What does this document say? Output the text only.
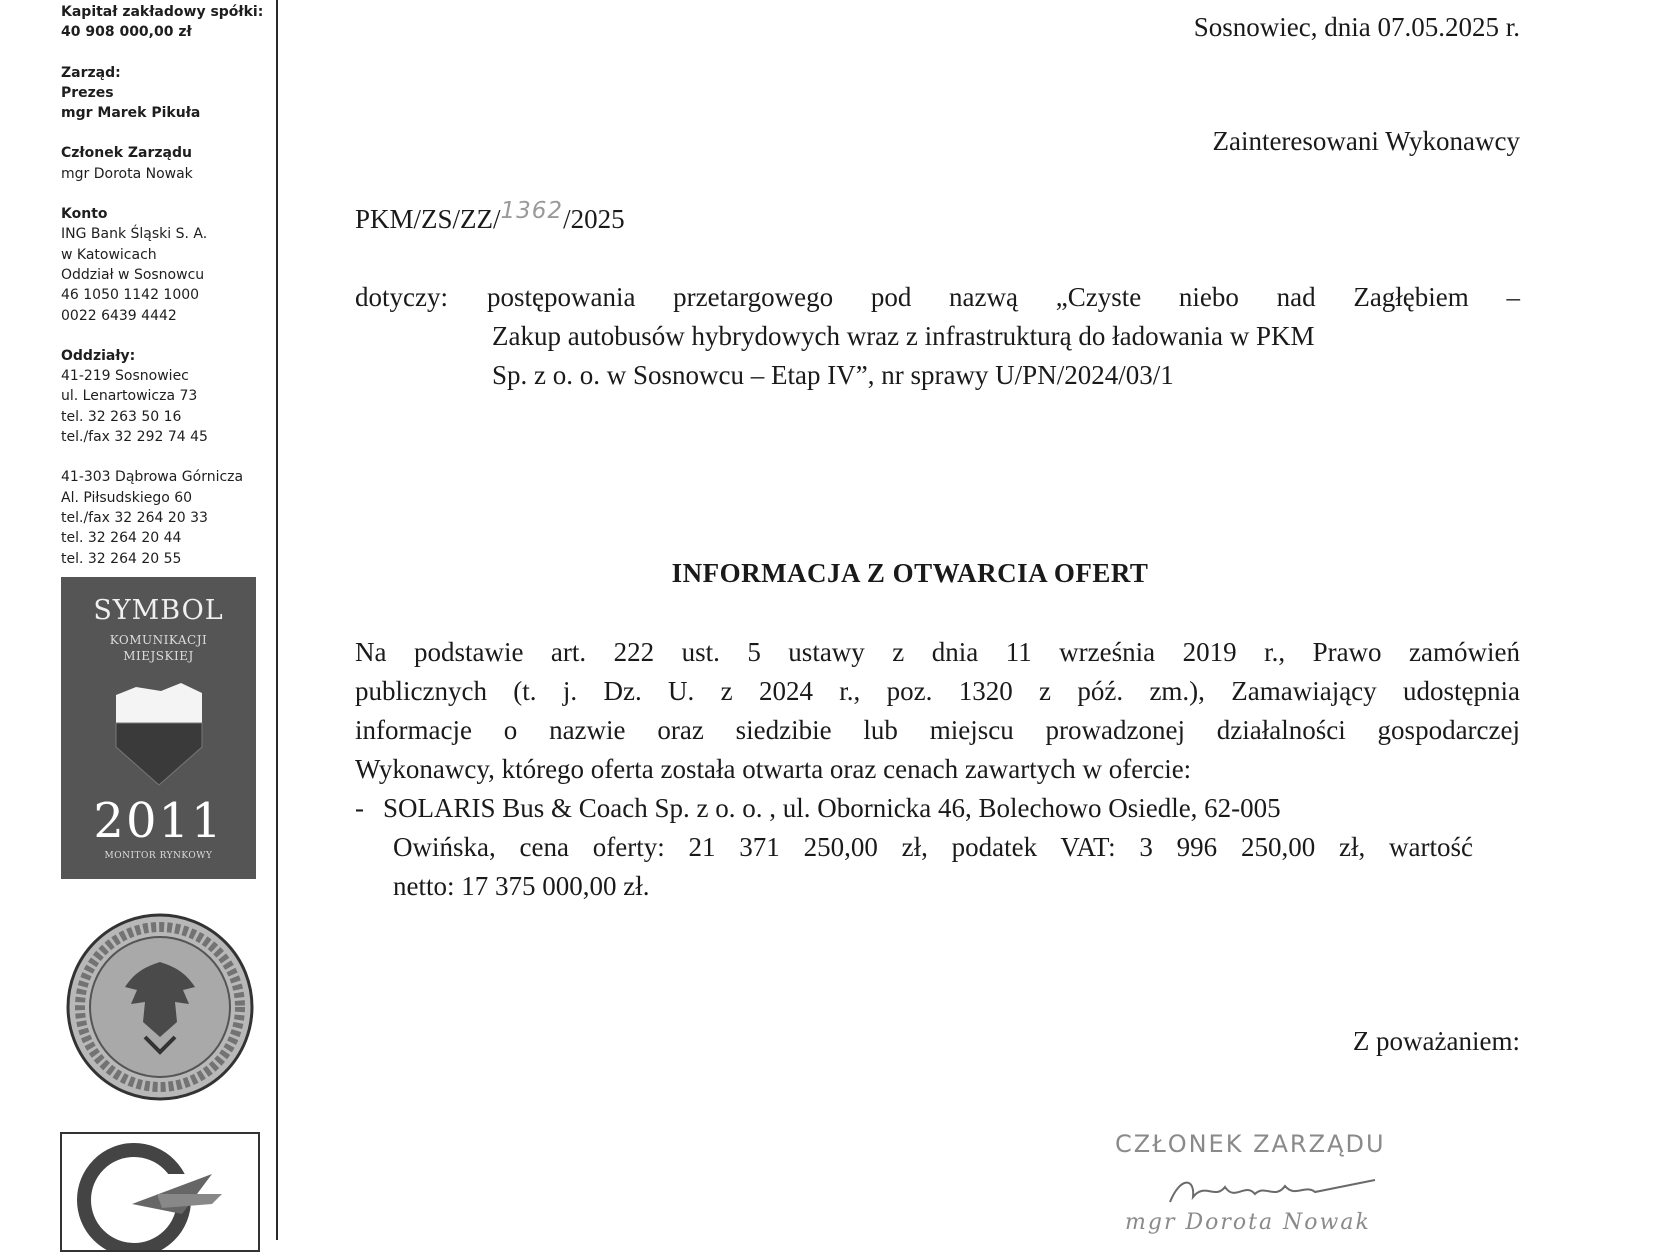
Kapitał zakładowy spółki:
40 908 000,00 zł
Zarząd:
Prezes
mgr Marek Pikuła
Członek Zarządu
mgr Dorota Nowak
Konto
ING Bank Śląski S. A.
w Katowicach
Oddział w Sosnowcu
46 1050 1142 1000
0022 6439 4442
Oddziały:
41-219 Sosnowiec
ul. Lenartowicza 73
tel. 32 263 50 16
tel./fax 32 292 74 45
41-303 Dąbrowa Górnicza
Al. Piłsudskiego 60
tel./fax 32 264 20 33
tel. 32 264 20 44
tel. 32 264 20 55
SYMBOL
KOMUNIKACJI
MIEJSKIEJ
2011
MONITOR RYNKOWY
Sosnowiec, dnia 07.05.2025 r.
Zainteresowani Wykonawcy
PKM/ZS/ZZ/1362/2025
dotyczy: postępowania przetargowego pod nazwą „Czyste niebo nad Zagłębiem –
Zakup autobusów hybrydowych wraz z infrastrukturą do ładowania w PKM
Sp. z o. o. w Sosnowcu – Etap IV”, nr sprawy U/PN/2024/03/1
INFORMACJA Z OTWARCIA OFERT
Na podstawie art. 222 ust. 5 ustawy z dnia 11 września 2019 r., Prawo zamówień
publicznych (t. j. Dz. U. z 2024 r., poz. 1320 z póź. zm.), Zamawiający udostępnia
informacje o nazwie oraz siedzibie lub miejscu prowadzonej działalności gospodarczej
Wykonawcy, którego oferta została otwarta oraz cenach zawartych w ofercie:
- SOLARIS Bus & Coach Sp. z o. o. , ul. Obornicka 46, Bolechowo Osiedle, 62-005
Owińska, cena oferty: 21 371 250,00 zł, podatek VAT: 3 996 250,00 zł, wartość
netto: 17 375 000,00 zł.
Z poważaniem:
CZŁONEK ZARZĄDU
mgr Dorota Nowak
